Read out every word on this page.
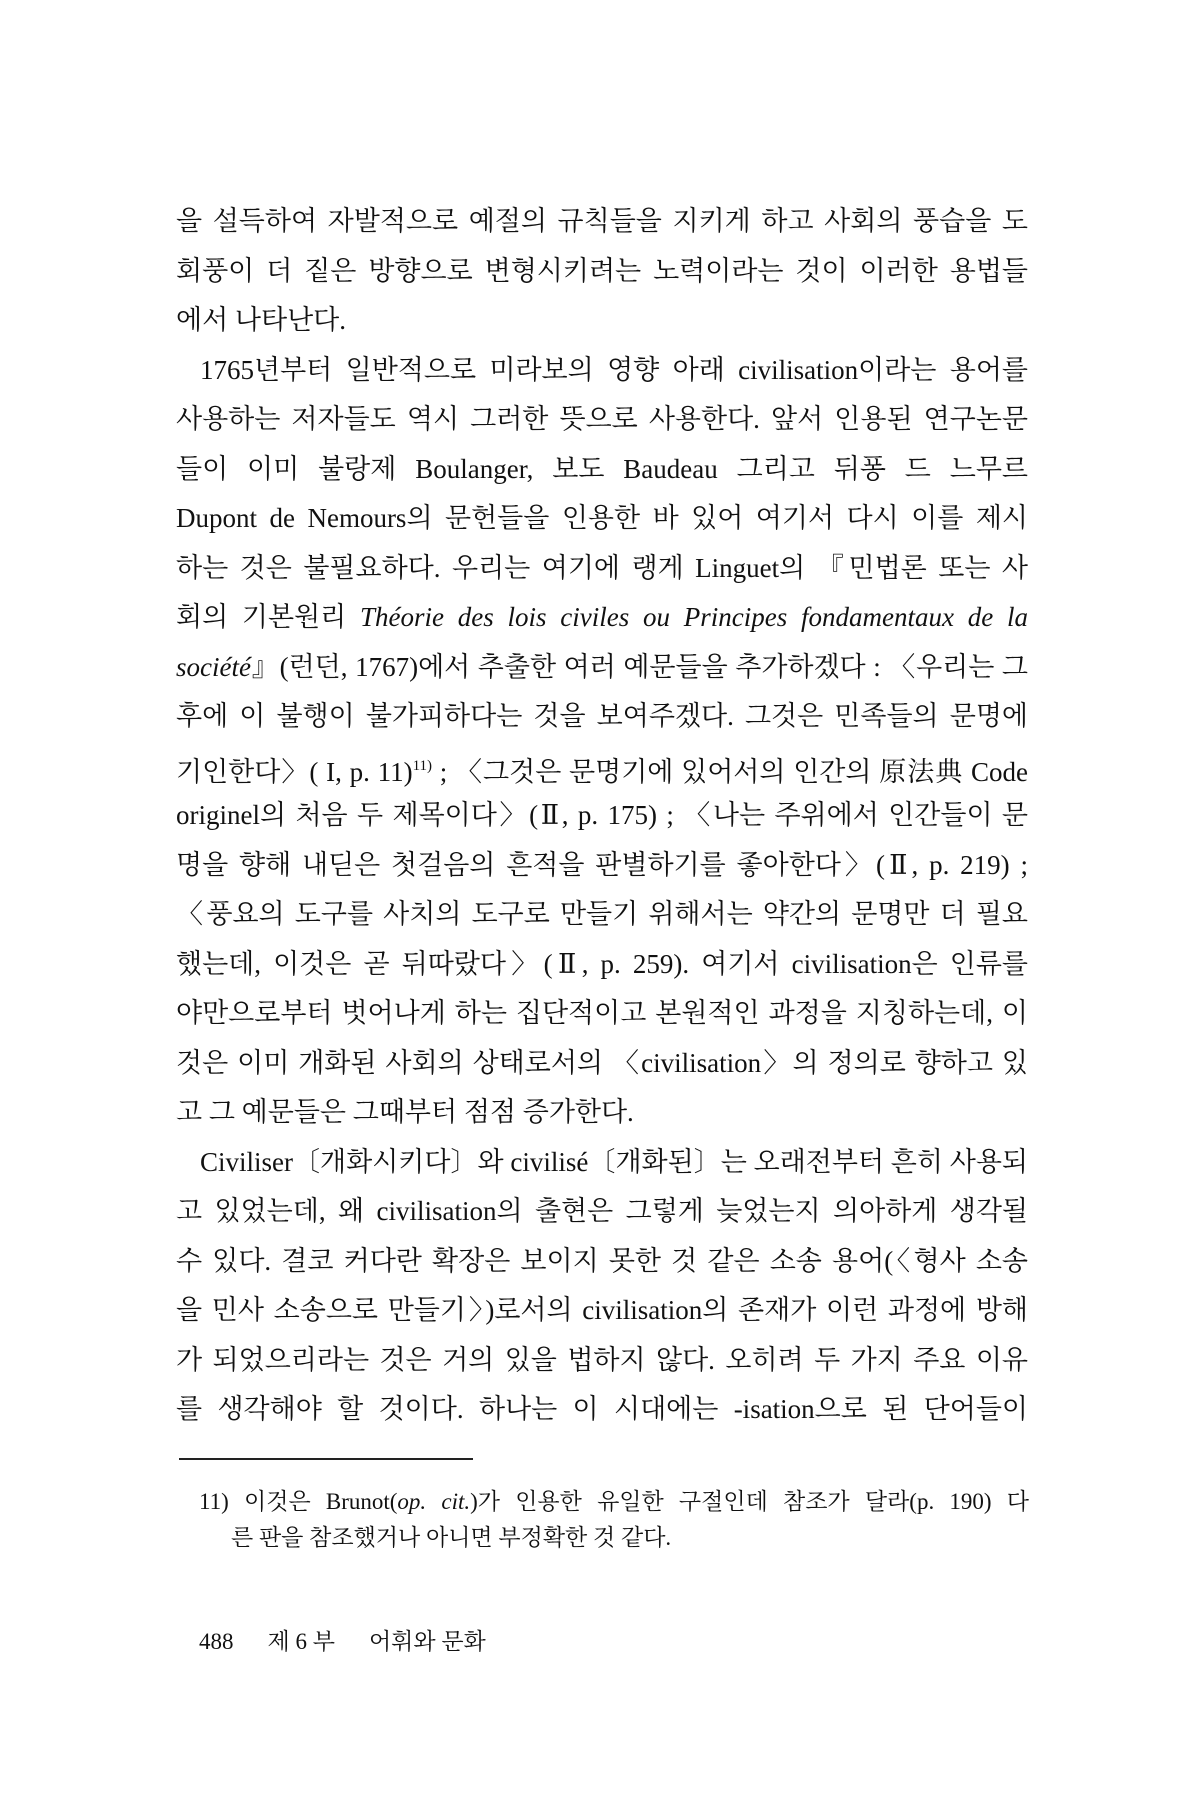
을 설득하여 자발적으로 예절의 규칙들을 지키게 하고 사회의 풍습을 도
회풍이 더 짙은 방향으로 변형시키려는 노력이라는 것이 이러한 용법들
에서 나타난다.
1765년부터 일반적으로 미라보의 영향 아래 civilisation이라는 용어를
사용하는 저자들도 역시 그러한 뜻으로 사용한다. 앞서 인용된 연구논문
들이 이미 불랑제 Boulanger, 보도 Baudeau 그리고 뒤퐁 드 느무르
Dupont de Nemours의 문헌들을 인용한 바 있어 여기서 다시 이를 제시
하는 것은 불필요하다. 우리는 여기에 랭게 Linguet의 『민법론 또는 사
회의 기본원리 Théorie des lois civiles ou Principes fondamentaux de la
société』(런던, 1767)에서 추출한 여러 예문들을 추가하겠다 : 〈우리는 그
후에 이 불행이 불가피하다는 것을 보여주겠다. 그것은 민족들의 문명에
기인한다〉( I, p. 11)$^{11)}$ ; 〈그것은 문명기에 있어서의 인간의 原法典 Code
originel의 처음 두 제목이다〉(Ⅱ, p. 175) ; 〈나는 주위에서 인간들이 문
명을 향해 내딛은 첫걸음의 흔적을 판별하기를 좋아한다〉(Ⅱ, p. 219) ;
〈풍요의 도구를 사치의 도구로 만들기 위해서는 약간의 문명만 더 필요
했는데, 이것은 곧 뒤따랐다〉(Ⅱ, p. 259). 여기서 civilisation은 인류를
야만으로부터 벗어나게 하는 집단적이고 본원적인 과정을 지칭하는데, 이
것은 이미 개화된 사회의 상태로서의 〈civilisation〉의 정의로 향하고 있
고 그 예문들은 그때부터 점점 증가한다.
Civiliser〔개화시키다〕와 civilisé〔개화된〕는 오래전부터 흔히 사용되
고 있었는데, 왜 civilisation의 출현은 그렇게 늦었는지 의아하게 생각될
수 있다. 결코 커다란 확장은 보이지 못한 것 같은 소송 용어(〈형사 소송
을 민사 소송으로 만들기〉)로서의 civilisation의 존재가 이런 과정에 방해
가 되었으리라는 것은 거의 있을 법하지 않다. 오히려 두 가지 주요 이유
를 생각해야 할 것이다. 하나는 이 시대에는 -isation으로 된 단어들이
11) 이것은 Brunot(op. cit.)가 인용한 유일한 구절인데 참조가 달라(p. 190) 다
른 판을 참조했거나 아니면 부정확한 것 같다.
488 제 6 부 어휘와 문화
